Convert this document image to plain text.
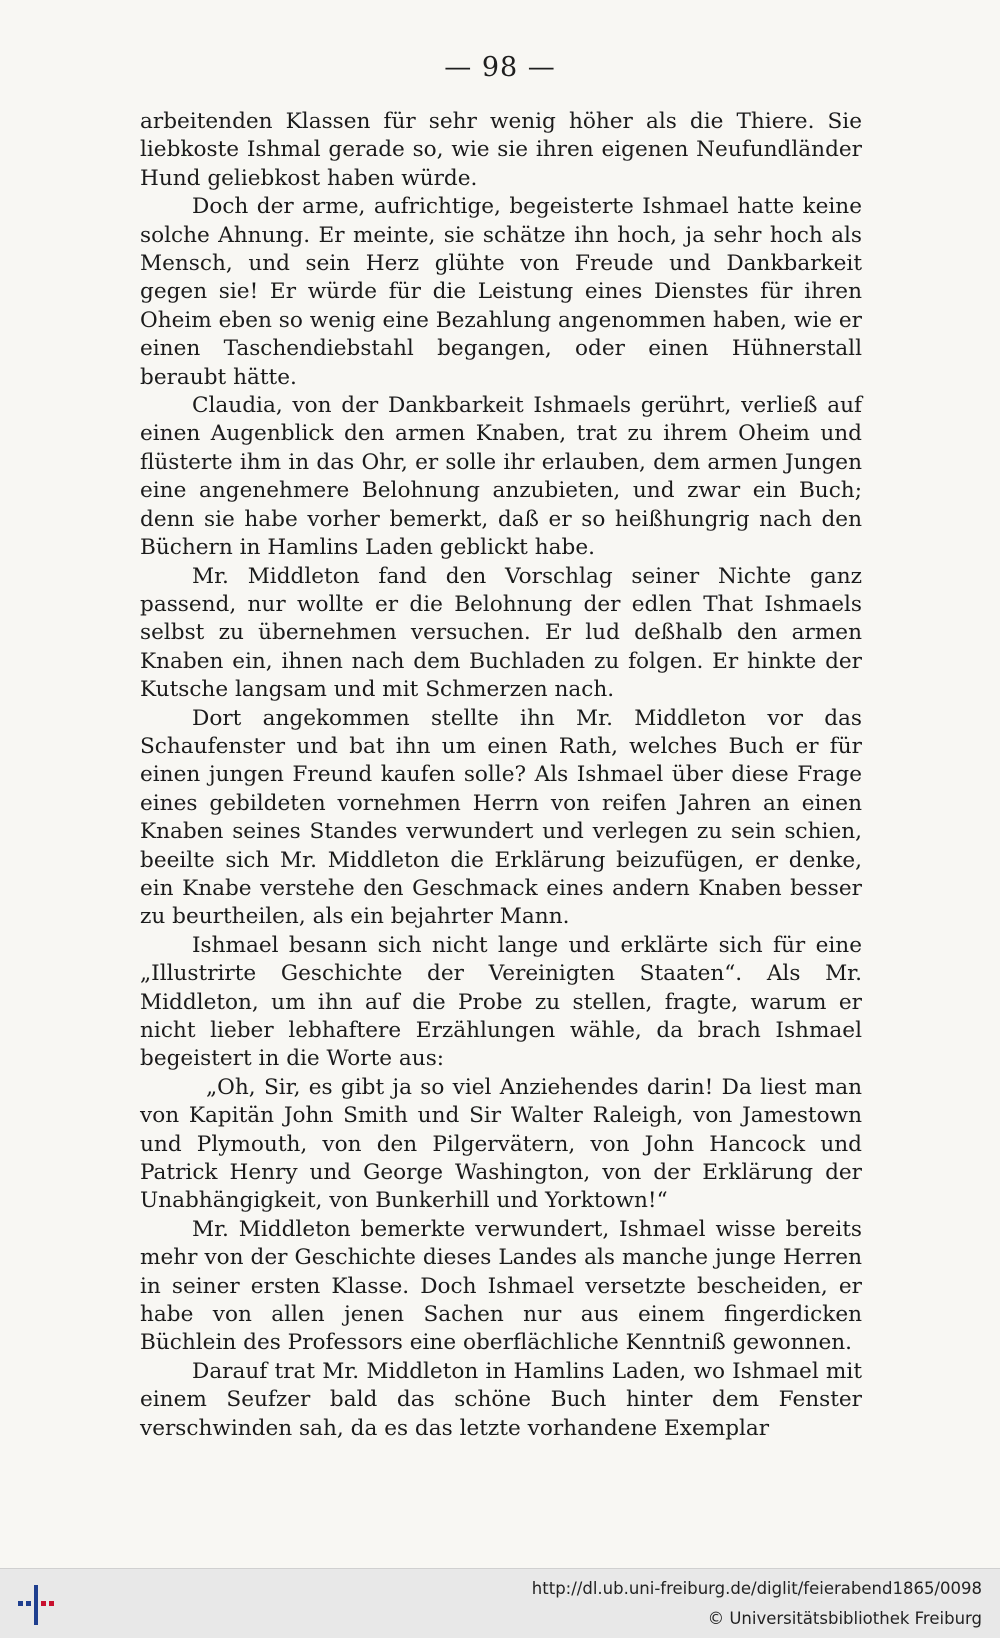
— 98 —

arbeitenden Klassen für sehr wenig höher als die Thiere. Sie liebkoste Ishmal gerade so, wie sie ihren eigenen Neufundländer Hund geliebkost haben würde.

Doch der arme, aufrichtige, begeisterte Ishmael hatte keine solche Ahnung. Er meinte, sie schätze ihn hoch, ja sehr hoch als Mensch, und sein Herz glühte von Freude und Dankbarkeit gegen sie! Er würde für die Leistung eines Dienstes für ihren Oheim eben so wenig eine Bezahlung angenommen haben, wie er einen Taschendiebstahl begangen, oder einen Hühnerstall beraubt hätte.

Claudia, von der Dankbarkeit Ishmaels gerührt, verließ auf einen Augenblick den armen Knaben, trat zu ihrem Oheim und flüsterte ihm in das Ohr, er solle ihr erlauben, dem armen Jungen eine angenehmere Belohnung anzubieten, und zwar ein Buch; denn sie habe vorher bemerkt, daß er so heißhungrig nach den Büchern in Hamlins Laden geblickt habe.

Mr. Middleton fand den Vorschlag seiner Nichte ganz passend, nur wollte er die Belohnung der edlen That Ishmaels selbst zu übernehmen versuchen. Er lud deßhalb den armen Knaben ein, ihnen nach dem Buchladen zu folgen. Er hinkte der Kutsche langsam und mit Schmerzen nach.

Dort angekommen stellte ihn Mr. Middleton vor das Schaufenster und bat ihn um einen Rath, welches Buch er für einen jungen Freund kaufen solle? Als Ishmael über diese Frage eines gebildeten vornehmen Herrn von reifen Jahren an einen Knaben seines Standes verwundert und verlegen zu sein schien, beeilte sich Mr. Middleton die Erklärung beizufügen, er denke, ein Knabe verstehe den Geschmack eines andern Knaben besser zu beurtheilen, als ein bejahrter Mann.

Ishmael besann sich nicht lange und erklärte sich für eine „Illustrirte Geschichte der Vereinigten Staaten“. Als Mr. Middleton, um ihn auf die Probe zu stellen, fragte, warum er nicht lieber lebhaftere Erzählungen wähle, da brach Ishmael begeistert in die Worte aus:

„Oh, Sir, es gibt ja so viel Anziehendes darin! Da liest man von Kapitän John Smith und Sir Walter Raleigh, von Jamestown und Plymouth, von den Pilgervätern, von John Hancock und Patrick Henry und George Washington, von der Erklärung der Unabhängigkeit, von Bunkerhill und Yorktown!“

Mr. Middleton bemerkte verwundert, Ishmael wisse bereits mehr von der Geschichte dieses Landes als manche junge Herren in seiner ersten Klasse. Doch Ishmael versetzte bescheiden, er habe von allen jenen Sachen nur aus einem fingerdicken Büchlein des Professors eine oberflächliche Kenntniß gewonnen.

Darauf trat Mr. Middleton in Hamlins Laden, wo Ishmael mit einem Seufzer bald das schöne Buch hinter dem Fenster verschwinden sah, da es das letzte vorhandene Exemplar

http://dl.ub.uni-freiburg.de/diglit/feierabend1865/0098
© Universitätsbibliothek Freiburg
